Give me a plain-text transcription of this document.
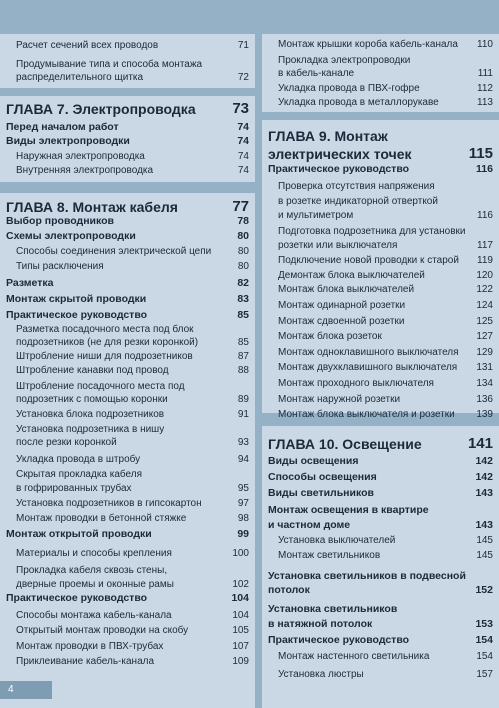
Расчет сечений всех проводов	71
Продумывание типа и способа монтажа
распределительного щитка	72
ГЛАВА 7. Электропроводка 73
Перед началом работ	74
Виды электропроводки	74
Наружная электропроводка	74
Внутренняя электропроводка	74
ГЛАВА 8. Монтаж кабеля	77
Выбор проводников	78
Схемы электропроводки	80
Способы соединения электрической цепи	80
Типы расключения	80
Разметка	82
Монтаж скрытой проводки	83
Практическое руководство	85
Разметка посадочного места под блок
подрозетников (не для резки коронкой)	85
Штробление ниши для подрозетников	87
Штробление канавки под провод	88
Штробление посадочного места под
подрозетник с помощью коронки	89
Установка блока подрозетников	91
Установка подрозетника в нишу
после резки коронкой	93
Укладка провода в штробу	94
Скрытая прокладка кабеля
в гофрированных трубах	95
Установка подрозетников в гипсокартон	97
Монтаж проводки в бетонной стяжке	98
Монтаж открытой проводки	99
Материалы и способы крепления	100
Прокладка кабеля сквозь стены,
дверные проемы и оконные рамы	102
Практическое руководство	104
Способы монтажа кабель-канала	104
Открытый монтаж проводки на скобу	105
Монтаж проводки в ПВХ-трубах	107
Приклеивание кабель-канала	109
Монтаж крышки короба кабель-канала 110
Прокладка электропроводки
в кабель-канале	111
Укладка провода в ПВХ-гофре	112
Укладка провода в металлорукаве	113
ГЛАВА 9. Монтаж
электрических точек	115
Практическое руководство	116
Проверка отсутствия напряжения
в розетке индикаторной отверткой
и мультиметром	116
Подготовка подрозетника для установки
розетки или выключателя	117
Подключение новой проводки к старой 119
Демонтаж блока выключателей	120
Монтаж блока выключателей	122
Монтаж одинарной розетки	124
Монтаж сдвоенной розетки	125
Монтаж блока розеток	127
Монтаж одноклавишного выключателя 129
Монтаж двухклавишного выключателя 131
Монтаж проходного выключателя	134
Монтаж наружной розетки	136
Монтаж блока выключателя и розетки 139
ГЛАВА 10. Освещение	141
Виды освещения	142
Способы освещения	142
Виды светильников	143
Монтаж освещения в квартире
и частном доме	143
Установка выключателей	145
Монтаж светильников	145
Установка светильников в подвесной
потолок	152
Установка светильников
в натяжной потолок	153
Практическое руководство	154
Монтаж настенного светильника	154
Установка люстры	157
4
